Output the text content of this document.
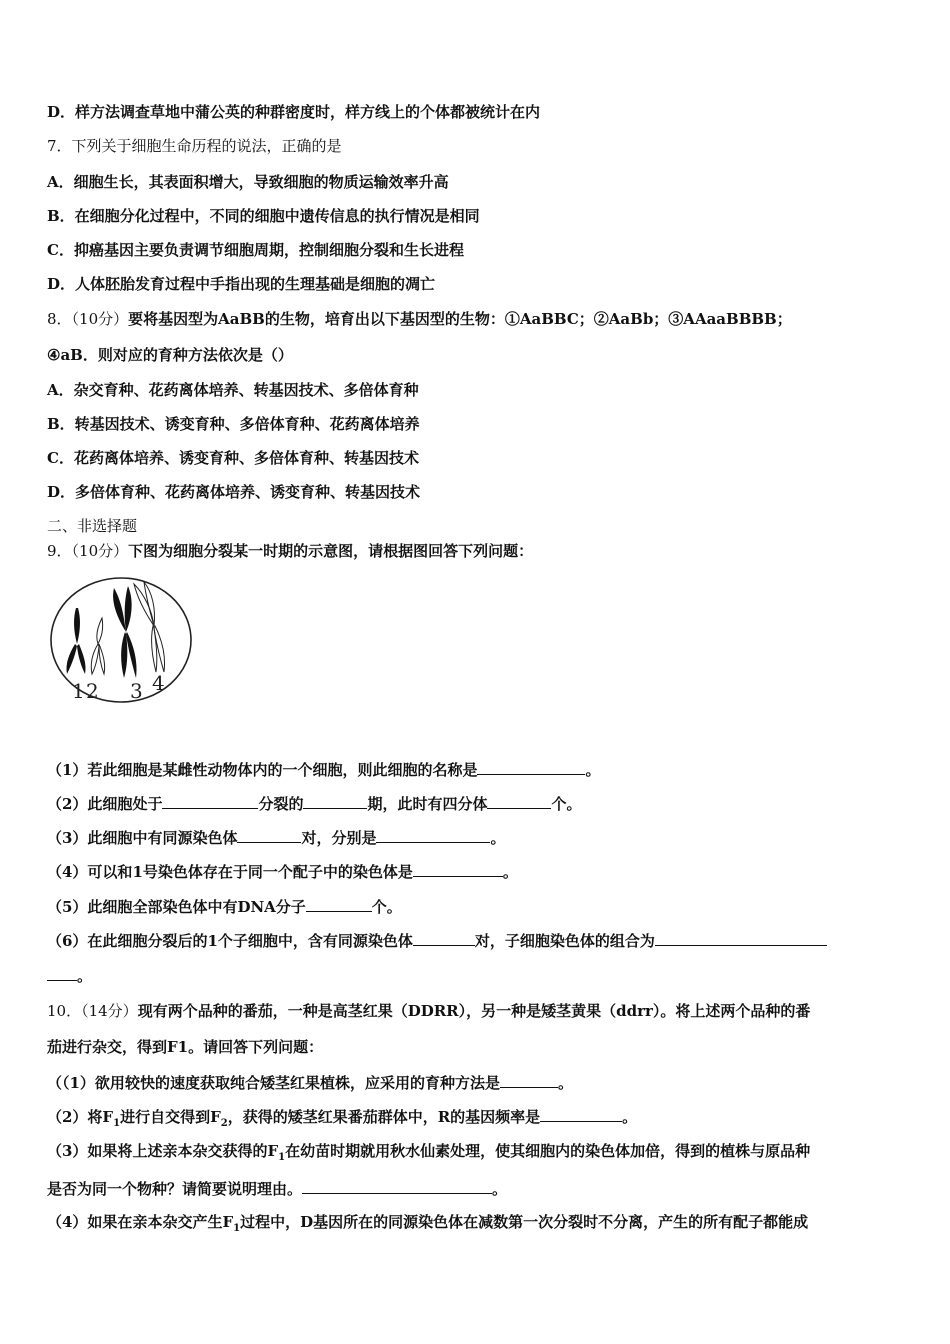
D．样方法调查草地中蒲公英的种群密度时，样方线上的个体都被统计在内
7．下列关于细胞生命历程的说法，正确的是
A．细胞生长，其表面积增大，导致细胞的物质运输效率升高
B．在细胞分化过程中，不同的细胞中遗传信息的执行情况是相同
C．抑癌基因主要负责调节细胞周期，控制细胞分裂和生长进程
D．人体胚胎发育过程中手指出现的生理基础是细胞的凋亡
8．（10分）要将基因型为AaBB的生物，培育出以下基因型的生物：①AaBBC；②AaBb；③AAaaBBBB；
④aB．则对应的育种方法依次是（）
A．杂交育种、花药离体培养、转基因技术、多倍体育种
B．转基因技术、诱变育种、多倍体育种、花药离体培养
C．花药离体培养、诱变育种、多倍体育种、转基因技术
D．多倍体育种、花药离体培养、诱变育种、转基因技术
二、非选择题
9．（10分）下图为细胞分裂某一时期的示意图，请根据图回答下列问题：
1 2 3 4
（1）若此细胞是某雌性动物体内的一个细胞，则此细胞的名称是	。
（2）此细胞处于	分裂的	期，此时有四分体	个。
（3）此细胞中有同源染色体	对，分别是	。
（4）可以和1号染色体存在于同一个配子中的染色体是	。
（5）此细胞全部染色体中有DNA分子	个。
（6）在此细胞分裂后的1个子细胞中，含有同源染色体	对，子细胞染色体的组合为
。
10．（14分）现有两个品种的番茄，一种是高茎红果（DDRR），另一种是矮茎黄果（ddrr）。将上述两个品种的番
茄进行杂交，得到F1。请回答下列问题：
（（1）欲用较快的速度获取纯合矮茎红果植株，应采用的育种方法是	。
（2）将$F_1$进行自交得到$F_2$，获得的矮茎红果番茄群体中，R的基因频率是	。
（3）如果将上述亲本杂交获得的$F_1$在幼苗时期就用秋水仙素处理，使其细胞内的染色体加倍，得到的植株与原品种
是否为同一个物种？请简要说明理由。	。
（4）如果在亲本杂交产生$F_1$过程中，D基因所在的同源染色体在减数第一次分裂时不分离，产生的所有配子都能成
